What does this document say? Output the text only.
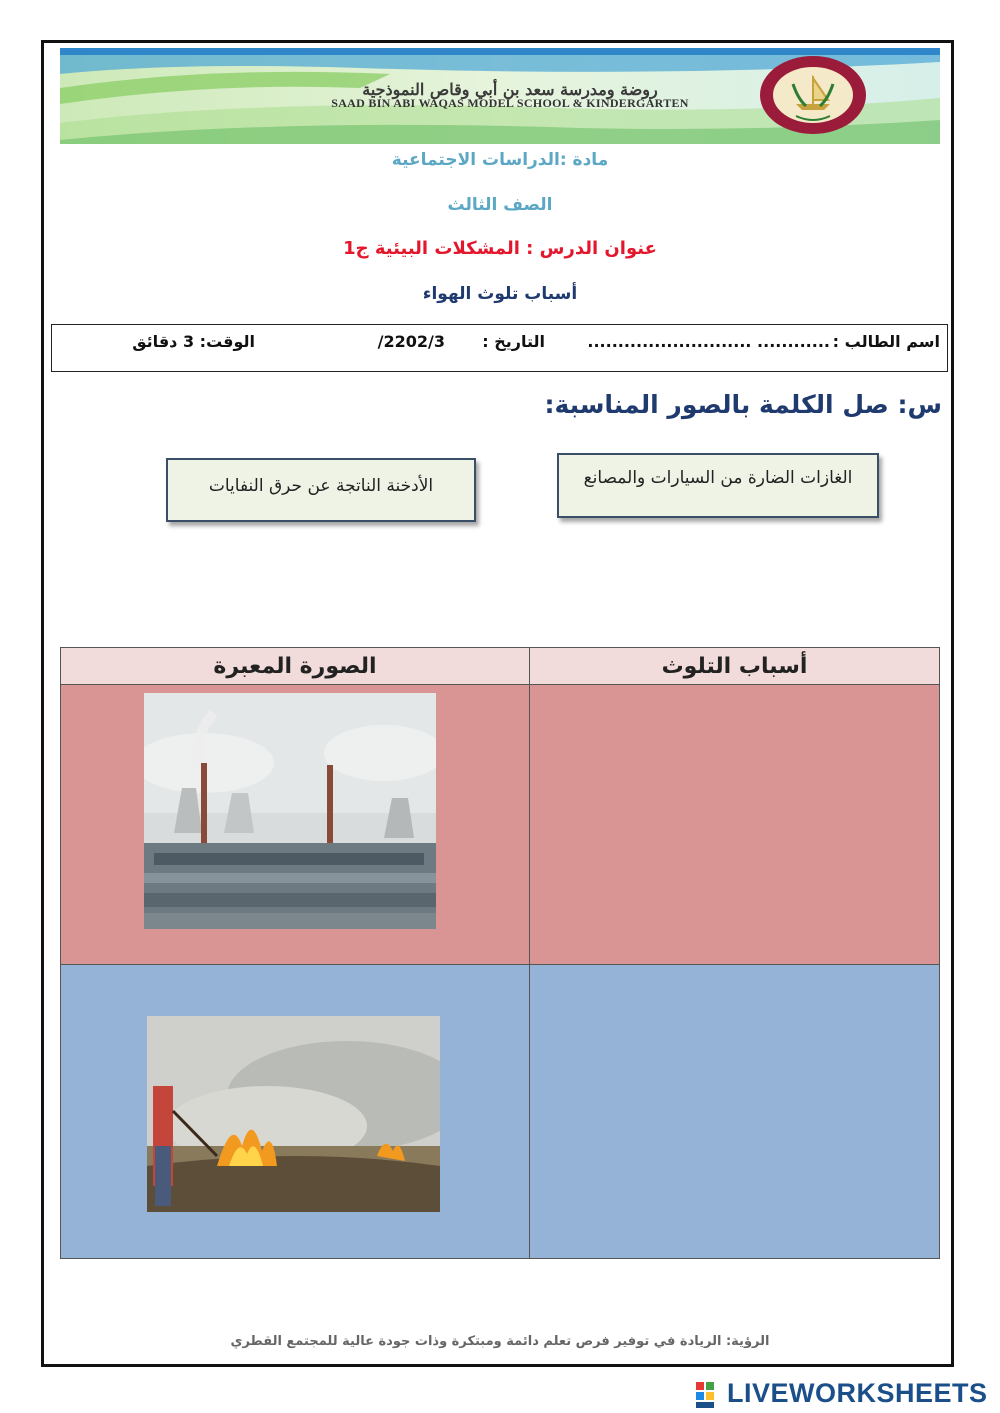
روضة ومدرسة سعد بن أبي وقاص النموذجية
SAAD BIN ABI WAQAS MODEL SCHOOL & KINDERGARTEN
مادة :الدراسات الاجتماعية
الصف الثالث
عنوان الدرس : المشكلات البيئية ج1
أسباب تلوث الهواء
اسم الطالب :
............ ...........................
التاريخ :
2202/3/
الوقت: 3 دقائق
س: صل الكلمة بالصور المناسبة:
الغازات الضارة من السيارات والمصانع
الأدخنة الناتجة عن حرق النفايات
الصورة المعبرة	أسباب التلوث
الرؤية: الريادة في توفير فرص تعلم دائمة ومبتكرة وذات جودة عالية للمجتمع القطري
LIVEWORKSHEETS
